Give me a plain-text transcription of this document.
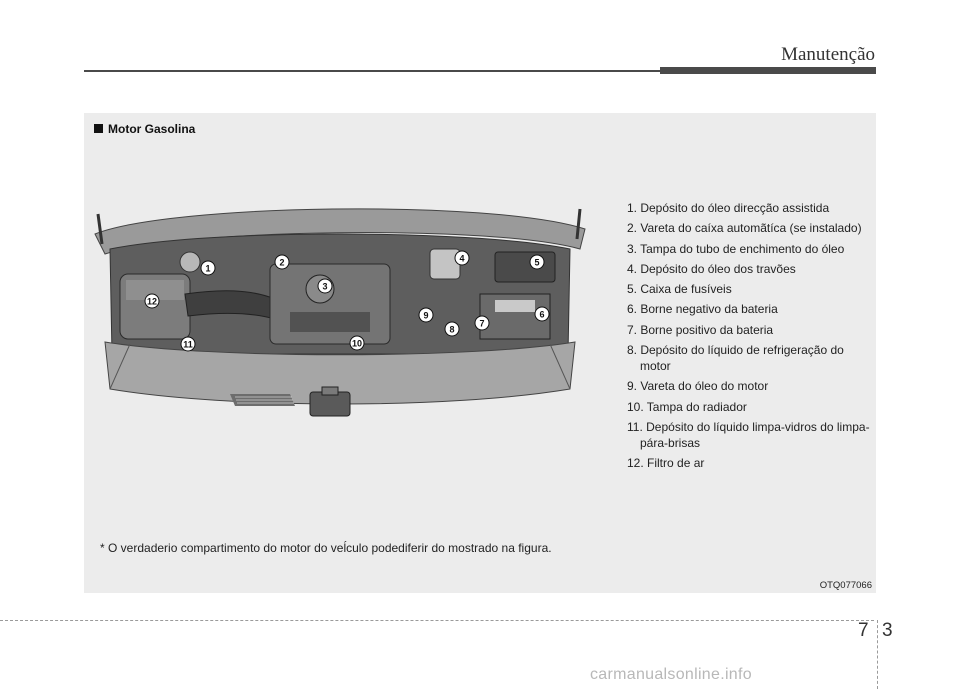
Manutenção
Motor Gasolina
1
2
3
4	5
6
7
8
9
10
11
12
1. Depósito do óleo direcção assistida
2. Vareta do caíxa automãtíca (se instalado)
3. Tampa do tubo de enchimento do óleo
4. Depósito do óleo dos travões
5. Caixa de fusíveis
6. Borne negativo da bateria
7. Borne positivo da bateria
8. Depósito do líquido de refrigeração do motor
9. Vareta do óleo do motor
10. Tampa do radiador
11. Depósito do líquido limpa-vidros do limpa-pára-brisas
12. Filtro de ar
* O verdaderio compartimento do motor do veĺculo podediferir do mostrado na figura.
OTQ077066
7 3
carmanualsonline.info
